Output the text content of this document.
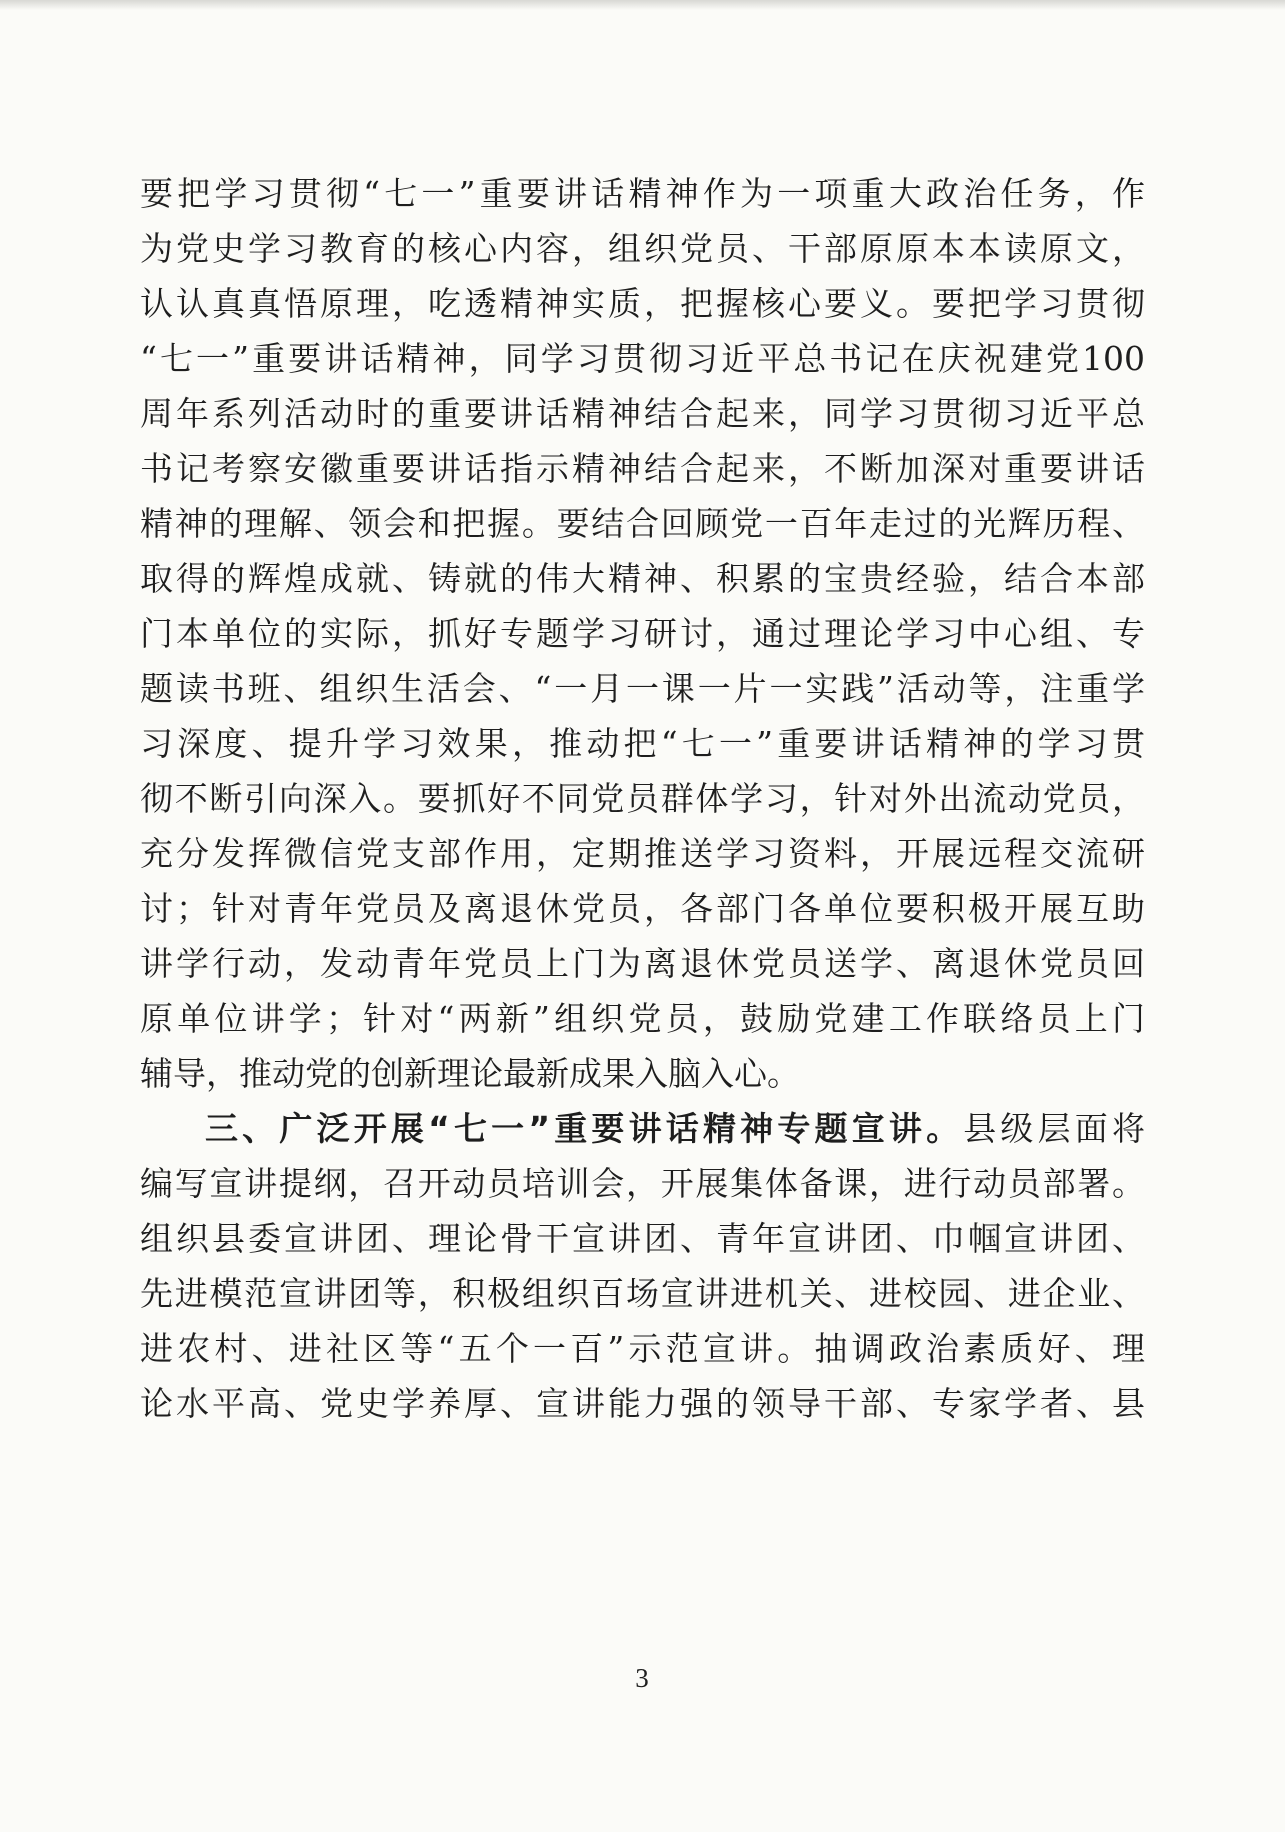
要把学习贯彻“七一”重要讲话精神作为一项重大政治任务，作
为党史学习教育的核心内容，组织党员、干部原原本本读原文，
认认真真悟原理，吃透精神实质，把握核心要义。要把学习贯彻
“七一”重要讲话精神，同学习贯彻习近平总书记在庆祝建党100
周年系列活动时的重要讲话精神结合起来，同学习贯彻习近平总
书记考察安徽重要讲话指示精神结合起来，不断加深对重要讲话
精神的理解、领会和把握。要结合回顾党一百年走过的光辉历程、
取得的辉煌成就、铸就的伟大精神、积累的宝贵经验，结合本部
门本单位的实际，抓好专题学习研讨，通过理论学习中心组、专
题读书班、组织生活会、“一月一课一片一实践”活动等，注重学
习深度、提升学习效果，推动把“七一”重要讲话精神的学习贯
彻不断引向深入。要抓好不同党员群体学习，针对外出流动党员，
充分发挥微信党支部作用，定期推送学习资料，开展远程交流研
讨；针对青年党员及离退休党员，各部门各单位要积极开展互助
讲学行动，发动青年党员上门为离退休党员送学、离退休党员回
原单位讲学；针对“两新”组织党员，鼓励党建工作联络员上门
辅导，推动党的创新理论最新成果入脑入心。
三、广泛开展“七一”重要讲话精神专题宣讲。县级层面将
编写宣讲提纲，召开动员培训会，开展集体备课，进行动员部署。
组织县委宣讲团、理论骨干宣讲团、青年宣讲团、巾帼宣讲团、
先进模范宣讲团等，积极组织百场宣讲进机关、进校园、进企业、
进农村、进社区等“五个一百”示范宣讲。抽调政治素质好、理
论水平高、党史学养厚、宣讲能力强的领导干部、专家学者、县
3
